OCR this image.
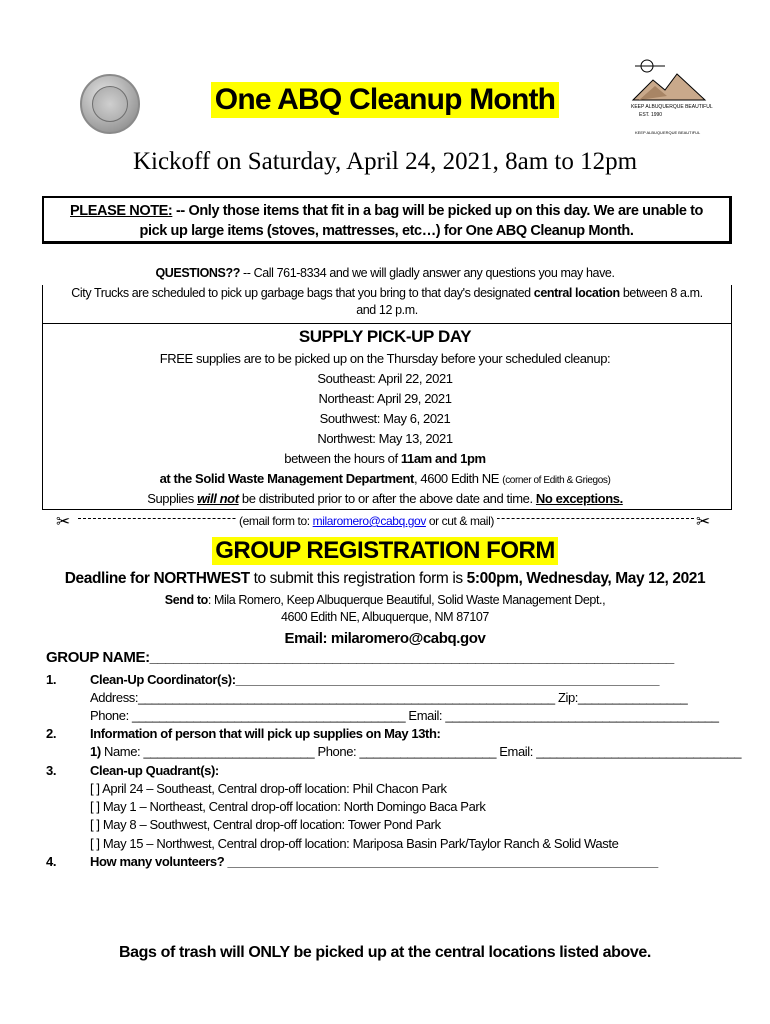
KEEP ALBUQUERQUE BEAUTIFUL
EST. 1990
KEEP ALBUQUERQUE BEAUTIFUL
One ABQ Cleanup Month
Kickoff on Saturday, April 24, 2021, 8am to 12pm
PLEASE NOTE: -- Only those items that fit in a bag will be picked up on this day. We are unable to
pick up large items (stoves, mattresses, etc…) for One ABQ Cleanup Month.
QUESTIONS?? -- Call 761-8334 and we will gladly answer any questions you may have.
City Trucks are scheduled to pick up garbage bags that you bring to that day's designated central location between 8 a.m.
and 12 p.m.
SUPPLY PICK-UP DAY
FREE supplies are to be picked up on the Thursday before your scheduled cleanup:
Southeast: April 22, 2021
Northeast: April 29, 2021
Southwest: May 6, 2021
Northwest: May 13, 2021
between the hours of 11am and 1pm
at the Solid Waste Management Department, 4600 Edith NE (corner of Edith & Griegos)
Supplies will not be distributed prior to or after the above date and time. No exceptions.
✂	(email form to: milaromero@cabq.gov or cut & mail)	✂
GROUP REGISTRATION FORM
Deadline for NORTHWEST to submit this registration form is 5:00pm, Wednesday, May 12, 2021
Send to: Mila Romero, Keep Albuquerque Beautiful, Solid Waste Management Dept.,
4600 Edith NE, Albuquerque, NM 87107
Email: milaromero@cabq.gov
GROUP NAME:__________________________________________________________________
1.	Clean-Up Coordinator(s):______________________________________________________________
Address:_____________________________________________________________ Zip:________________
Phone: ________________________________________ Email: ________________________________________
2.	Information of person that will pick up supplies on May 13th:
1) Name: _________________________ Phone: ____________________ Email: ______________________________
3.	Clean-up Quadrant(s):
[ ] April 24 – Southeast, Central drop-off location: Phil Chacon Park
[ ] May 1 – Northeast, Central drop-off location: North Domingo Baca Park
[ ] May 8 – Southwest, Central drop-off location: Tower Pond Park
[ ] May 15 – Northwest, Central drop-off location: Mariposa Basin Park/Taylor Ranch & Solid Waste
4.	How many volunteers? _______________________________________________________________
Bags of trash will ONLY be picked up at the central locations listed above.
